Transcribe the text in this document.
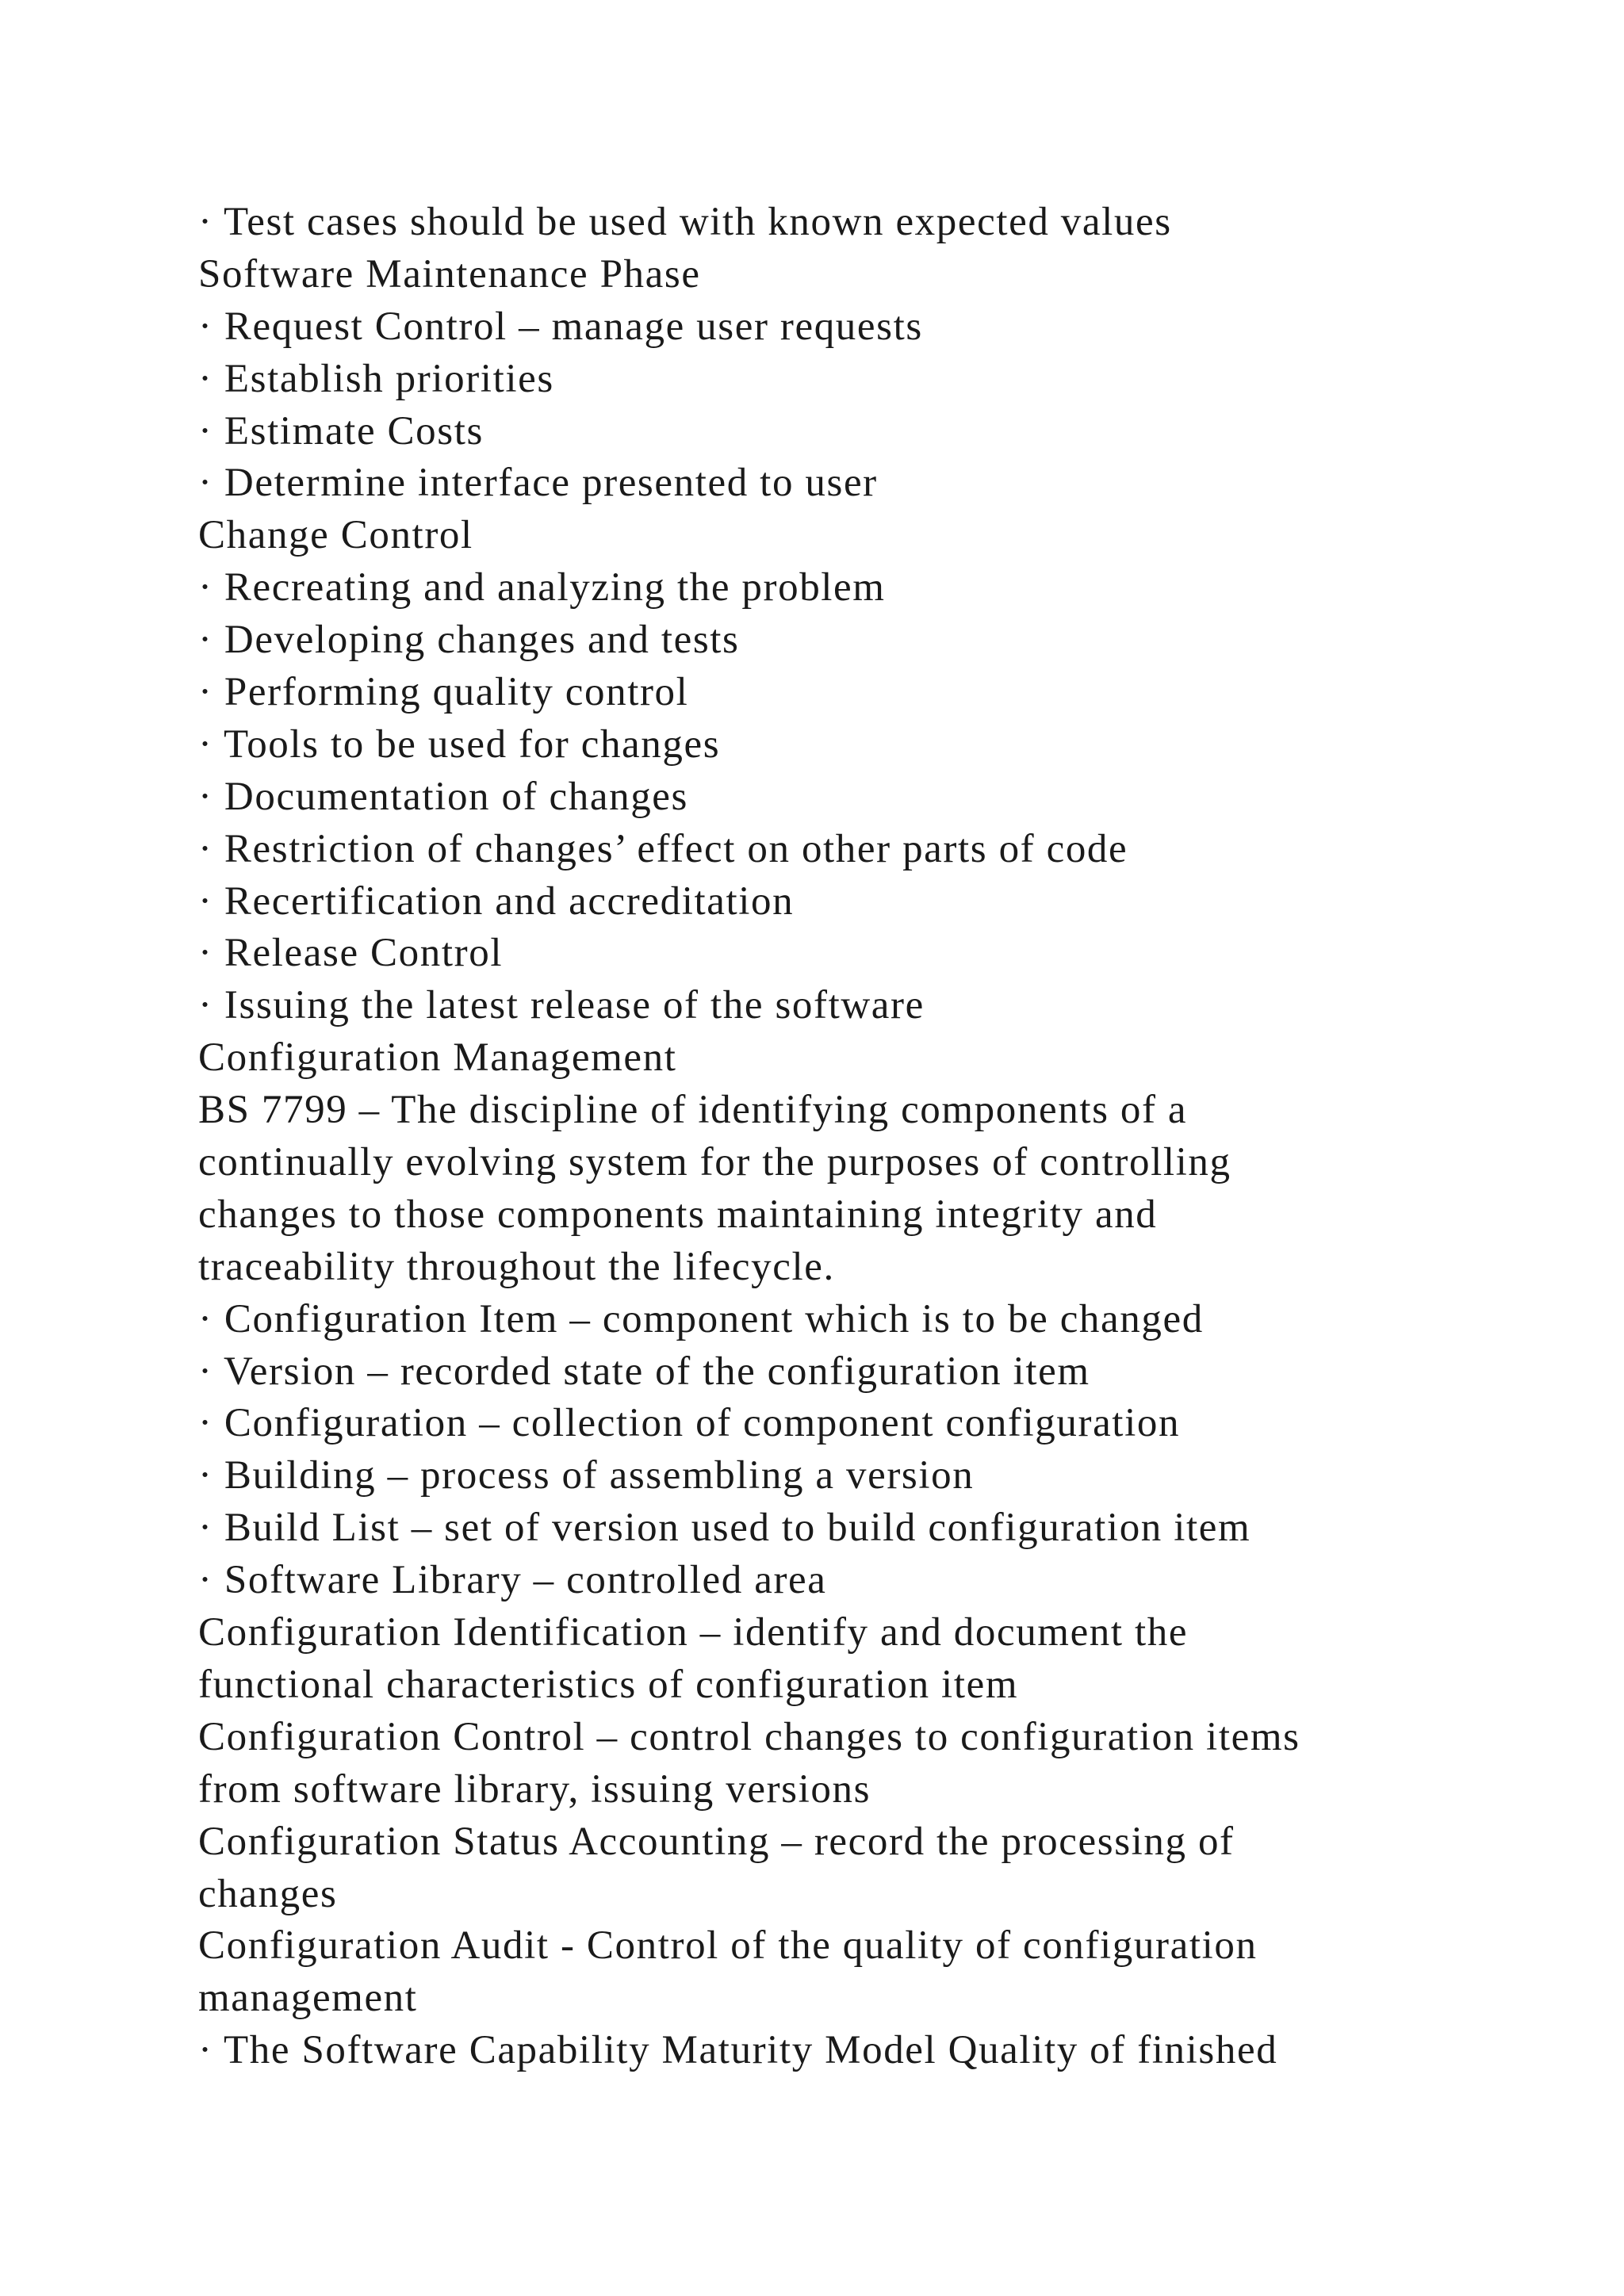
· Test cases should be used with known expected values
Software Maintenance Phase
· Request Control – manage user requests
· Establish priorities
· Estimate Costs
· Determine interface presented to user
Change Control
· Recreating and analyzing the problem
· Developing changes and tests
· Performing quality control
· Tools to be used for changes
· Documentation of changes
· Restriction of changes’ effect on other parts of code
· Recertification and accreditation
· Release Control
· Issuing the latest release of the software
Configuration Management
BS 7799 – The discipline of identifying components of a
continually evolving system for the purposes of controlling
changes to those components maintaining integrity and
traceability throughout the lifecycle.
· Configuration Item – component which is to be changed
· Version – recorded state of the configuration item
· Configuration – collection of component configuration
· Building – process of assembling a version
· Build List – set of version used to build configuration item
· Software Library – controlled area
Configuration Identification – identify and document the
functional characteristics of configuration item
Configuration Control – control changes to configuration items
from software library, issuing versions
Configuration Status Accounting – record the processing of
changes
Configuration Audit - Control of the quality of configuration
management
· The Software Capability Maturity Model Quality of finished
